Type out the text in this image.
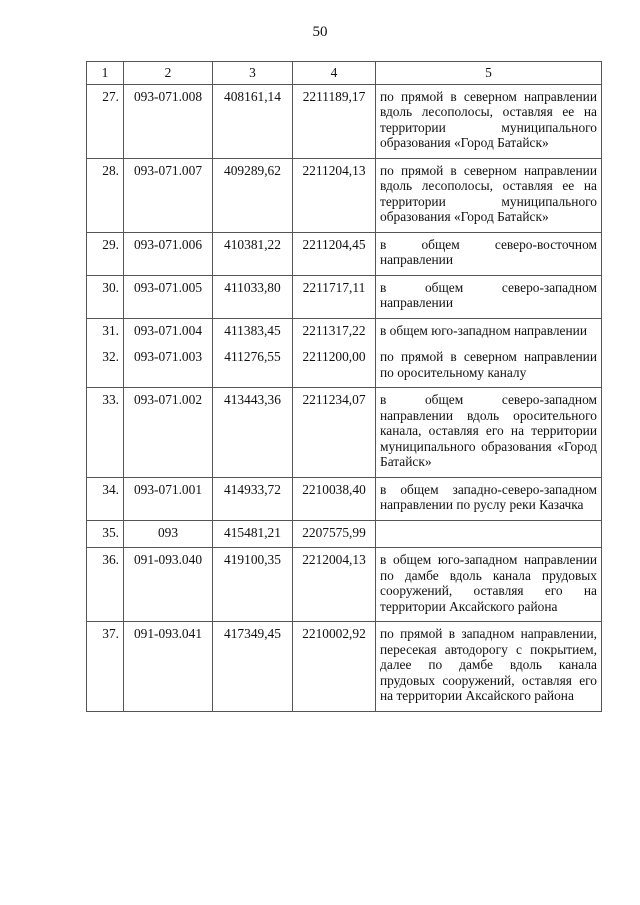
50
1	2	3	4	5
27.	093-071.008	408161,14	2211189,17	по прямой в северном направлении вдоль лесополосы, оставляя ее на территории муниципального образования «Город Батайск»
28.	093-071.007	409289,62	2211204,13	по прямой в северном направлении вдоль лесополосы, оставляя ее на территории муниципального образования «Город Батайск»
29.	093-071.006	410381,22	2211204,45	в общем северо-восточном направлении
30.	093-071.005	411033,80	2211717,11	в общем северо-западном направлении
31.	093-071.004	411383,45	2211317,22	в общем юго-западном направлении
32.	093-071.003	411276,55	2211200,00	по прямой в северном направлении по оросительному каналу
33.	093-071.002	413443,36	2211234,07	в общем северо-западном направлении вдоль оросительного канала, оставляя его на территории муниципального образования «Город Батайск»
34.	093-071.001	414933,72	2210038,40	в общем западно-северо-западном направлении по руслу реки Казачка
35.	093	415481,21	2207575,99	
36.	091-093.040	419100,35	2212004,13	в общем юго-западном направлении по дамбе вдоль канала прудовых сооружений, оставляя его на территории Аксайского района
37.	091-093.041	417349,45	2210002,92	по прямой в западном направлении, пересекая автодорогу с покрытием, далее по дамбе вдоль канала прудовых сооружений, оставляя его на территории Аксайского района
